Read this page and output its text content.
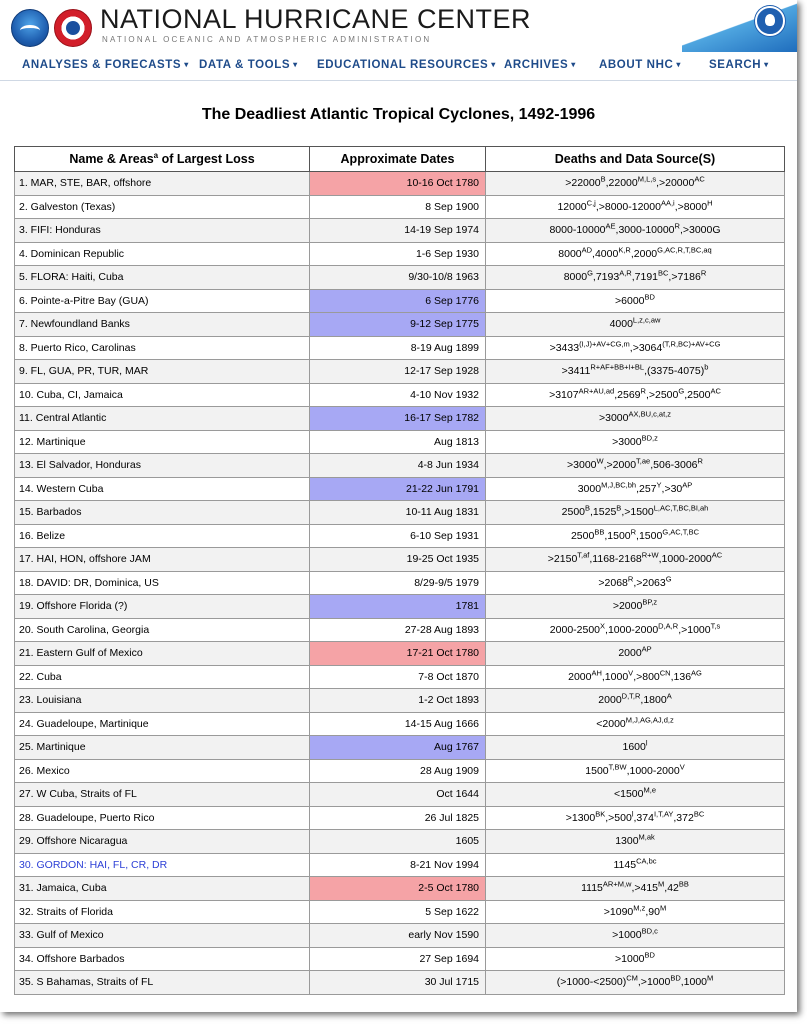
NATIONAL HURRICANE CENTER
NATIONAL OCEANIC AND ATMOSPHERIC ADMINISTRATION
ANALYSES & FORECASTS ▾ DATA & TOOLS ▾ EDUCATIONAL RESOURCES ▾ ARCHIVES ▾ ABOUT NHC ▾ SEARCH ▾
The Deadliest Atlantic Tropical Cyclones, 1492-1996
Name & Areas$^a$ of Largest Loss	Approximate Dates	Deaths and Data Source(S)
1. MAR, STE, BAR, offshore	10-16 Oct 1780	$>22000^B,22000^{M,L,s},>20000^{AC}$
2. Galveston (Texas)	8 Sep 1900	$12000^{C,j},>8000-12000^{AA,i},>8000^H$
3. FIFI: Honduras	14-19 Sep 1974	$8000-10000^{AE},3000-10000^R,>3000G$
4. Dominican Republic	1-6 Sep 1930	$8000^{AD},4000^{K,R},2000^{G,AC,R,T,BC,aq}$
5. FLORA: Haiti, Cuba	9/30-10/8 1963	$8000^G,7193^{A,R},7191^{BC},>7186^R$
6. Pointe-a-Pitre Bay (GUA)	6 Sep 1776	$>6000^{BD}$
7. Newfoundland Banks	9-12 Sep 1775	$4000^{L,z,c,aw}$
8. Puerto Rico, Carolinas	8-19 Aug 1899	$>3433^{(I,J)+AV+CG,m},>3064^{(T,R,BC)+AV+CG}$
9. FL, GUA, PR, TUR, MAR	12-17 Sep 1928	$>3411^{R+AF+BB+I+BL},(3375-4075)^b$
10. Cuba, CI, Jamaica	4-10 Nov 1932	$>3107^{AR+AU,ad},2569^R,>2500^G,2500^{AC}$
11. Central Atlantic	16-17 Sep 1782	$>3000^{AX,BU,c,at,z}$
12. Martinique	Aug 1813	$>3000^{BD,z}$
13. El Salvador, Honduras	4-8 Jun 1934	$>3000^W,>2000^{T,ae},506-3006^R$
14. Western Cuba	21-22 Jun 1791	$3000^{M,J,BC,bh},257^Y,>30^{AP}$
15. Barbados	10-11 Aug 1831	$2500^B,1525^B,>1500^{L,AC,T,BC,BI,ah}$
16. Belize	6-10 Sep 1931	$2500^{BB},1500^R,1500^{G,AC,T,BC}$
17. HAI, HON, offshore JAM	19-25 Oct 1935	$>2150^{T,af},1168-2168^{R+W},1000-2000^{AC}$
18. DAVID: DR, Dominica, US	8/29-9/5 1979	$>2068^R,>2063^G$
19. Offshore Florida (?)	1781	$>2000^{BP,z}$
20. South Carolina, Georgia	27-28 Aug 1893	$2000-2500^X,1000-2000^{D,A,R},>1000^{T,s}$
21. Eastern Gulf of Mexico	17-21 Oct 1780	$2000^{AP}$
22. Cuba	7-8 Oct 1870	$2000^{AH},1000^V,>800^{CN},136^{AG}$
23. Louisiana	1-2 Oct 1893	$2000^{D,T,R},1800^A$
24. Guadeloupe, Martinique	14-15 Aug 1666	$<2000^{M,J,AG,AJ,d,z}$
25. Martinique	Aug 1767	1600$^l$
26. Mexico	28 Aug 1909	$1500^{T,BW},1000-2000^V$
27. W Cuba, Straits of FL	Oct 1644	$<1500^{M,e}$
28. Guadeloupe, Puerto Rico	26 Jul 1825	$>1300^{BK},>500^l,374^{I,T,AY},372^{BC}$
29. Offshore Nicaragua	1605	$1300^{M,ak}$
30. GORDON: HAI, FL, CR, DR	8-21 Nov 1994	$1145^{CA,bc}$
31. Jamaica, Cuba	2-5 Oct 1780	$1115^{AR+M,w},>415^M,42^{BB}$
32. Straits of Florida	5 Sep 1622	$>1090^{M,z},90^M$
33. Gulf of Mexico	early Nov 1590	$>1000^{BD,c}$
34. Offshore Barbados	27 Sep 1694	$>1000^{BD}$
35. S Bahamas, Straits of FL	30 Jul 1715	$(>1000-<2500)^{CM},>1000^{BD},1000^M$
